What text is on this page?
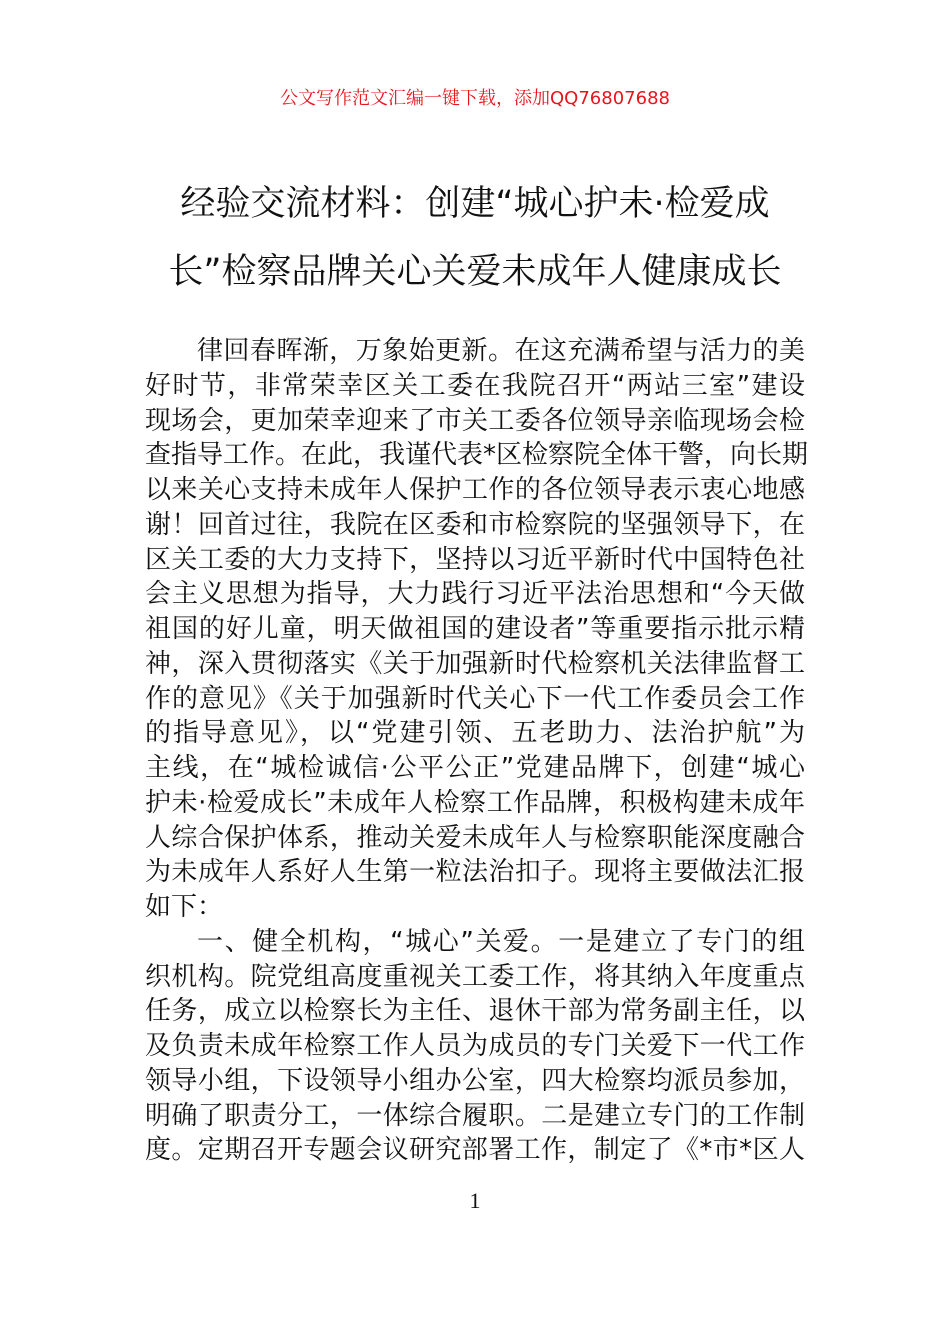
公文写作范文汇编一键下载，添加QQ76807688
经验交流材料：创建“城心护未·检爱成
长”检察品牌关心关爱未成年人健康成长
律回春晖渐，万象始更新。在这充满希望与活力的美
好时节，非常荣幸区关工委在我院召开“两站三室”建设
现场会，更加荣幸迎来了市关工委各位领导亲临现场会检
查指导工作。在此，我谨代表*区检察院全体干警，向长期
以来关心支持未成年人保护工作的各位领导表示衷心地感
谢！回首过往，我院在区委和市检察院的坚强领导下，在
区关工委的大力支持下，坚持以习近平新时代中国特色社
会主义思想为指导，大力践行习近平法治思想和“今天做
祖国的好儿童，明天做祖国的建设者”等重要指示批示精
神，深入贯彻落实《关于加强新时代检察机关法律监督工
作的意见》《关于加强新时代关心下一代工作委员会工作
的指导意见》，以“党建引领、五老助力、法治护航”为
主线，在“城检诚信·公平公正”党建品牌下，创建“城心
护未·检爱成长”未成年人检察工作品牌，积极构建未成年
人综合保护体系，推动关爱未成年人与检察职能深度融合
为未成年人系好人生第一粒法治扣子。现将主要做法汇报
如下：
一、健全机构，“城心”关爱。一是建立了专门的组
织机构。院党组高度重视关工委工作，将其纳入年度重点
任务，成立以检察长为主任、退休干部为常务副主任，以
及负责未成年检察工作人员为成员的专门关爱下一代工作
领导小组，下设领导小组办公室，四大检察均派员参加，
明确了职责分工，一体综合履职。二是建立专门的工作制
度。定期召开专题会议研究部署工作，制定了《*市*区人
1
